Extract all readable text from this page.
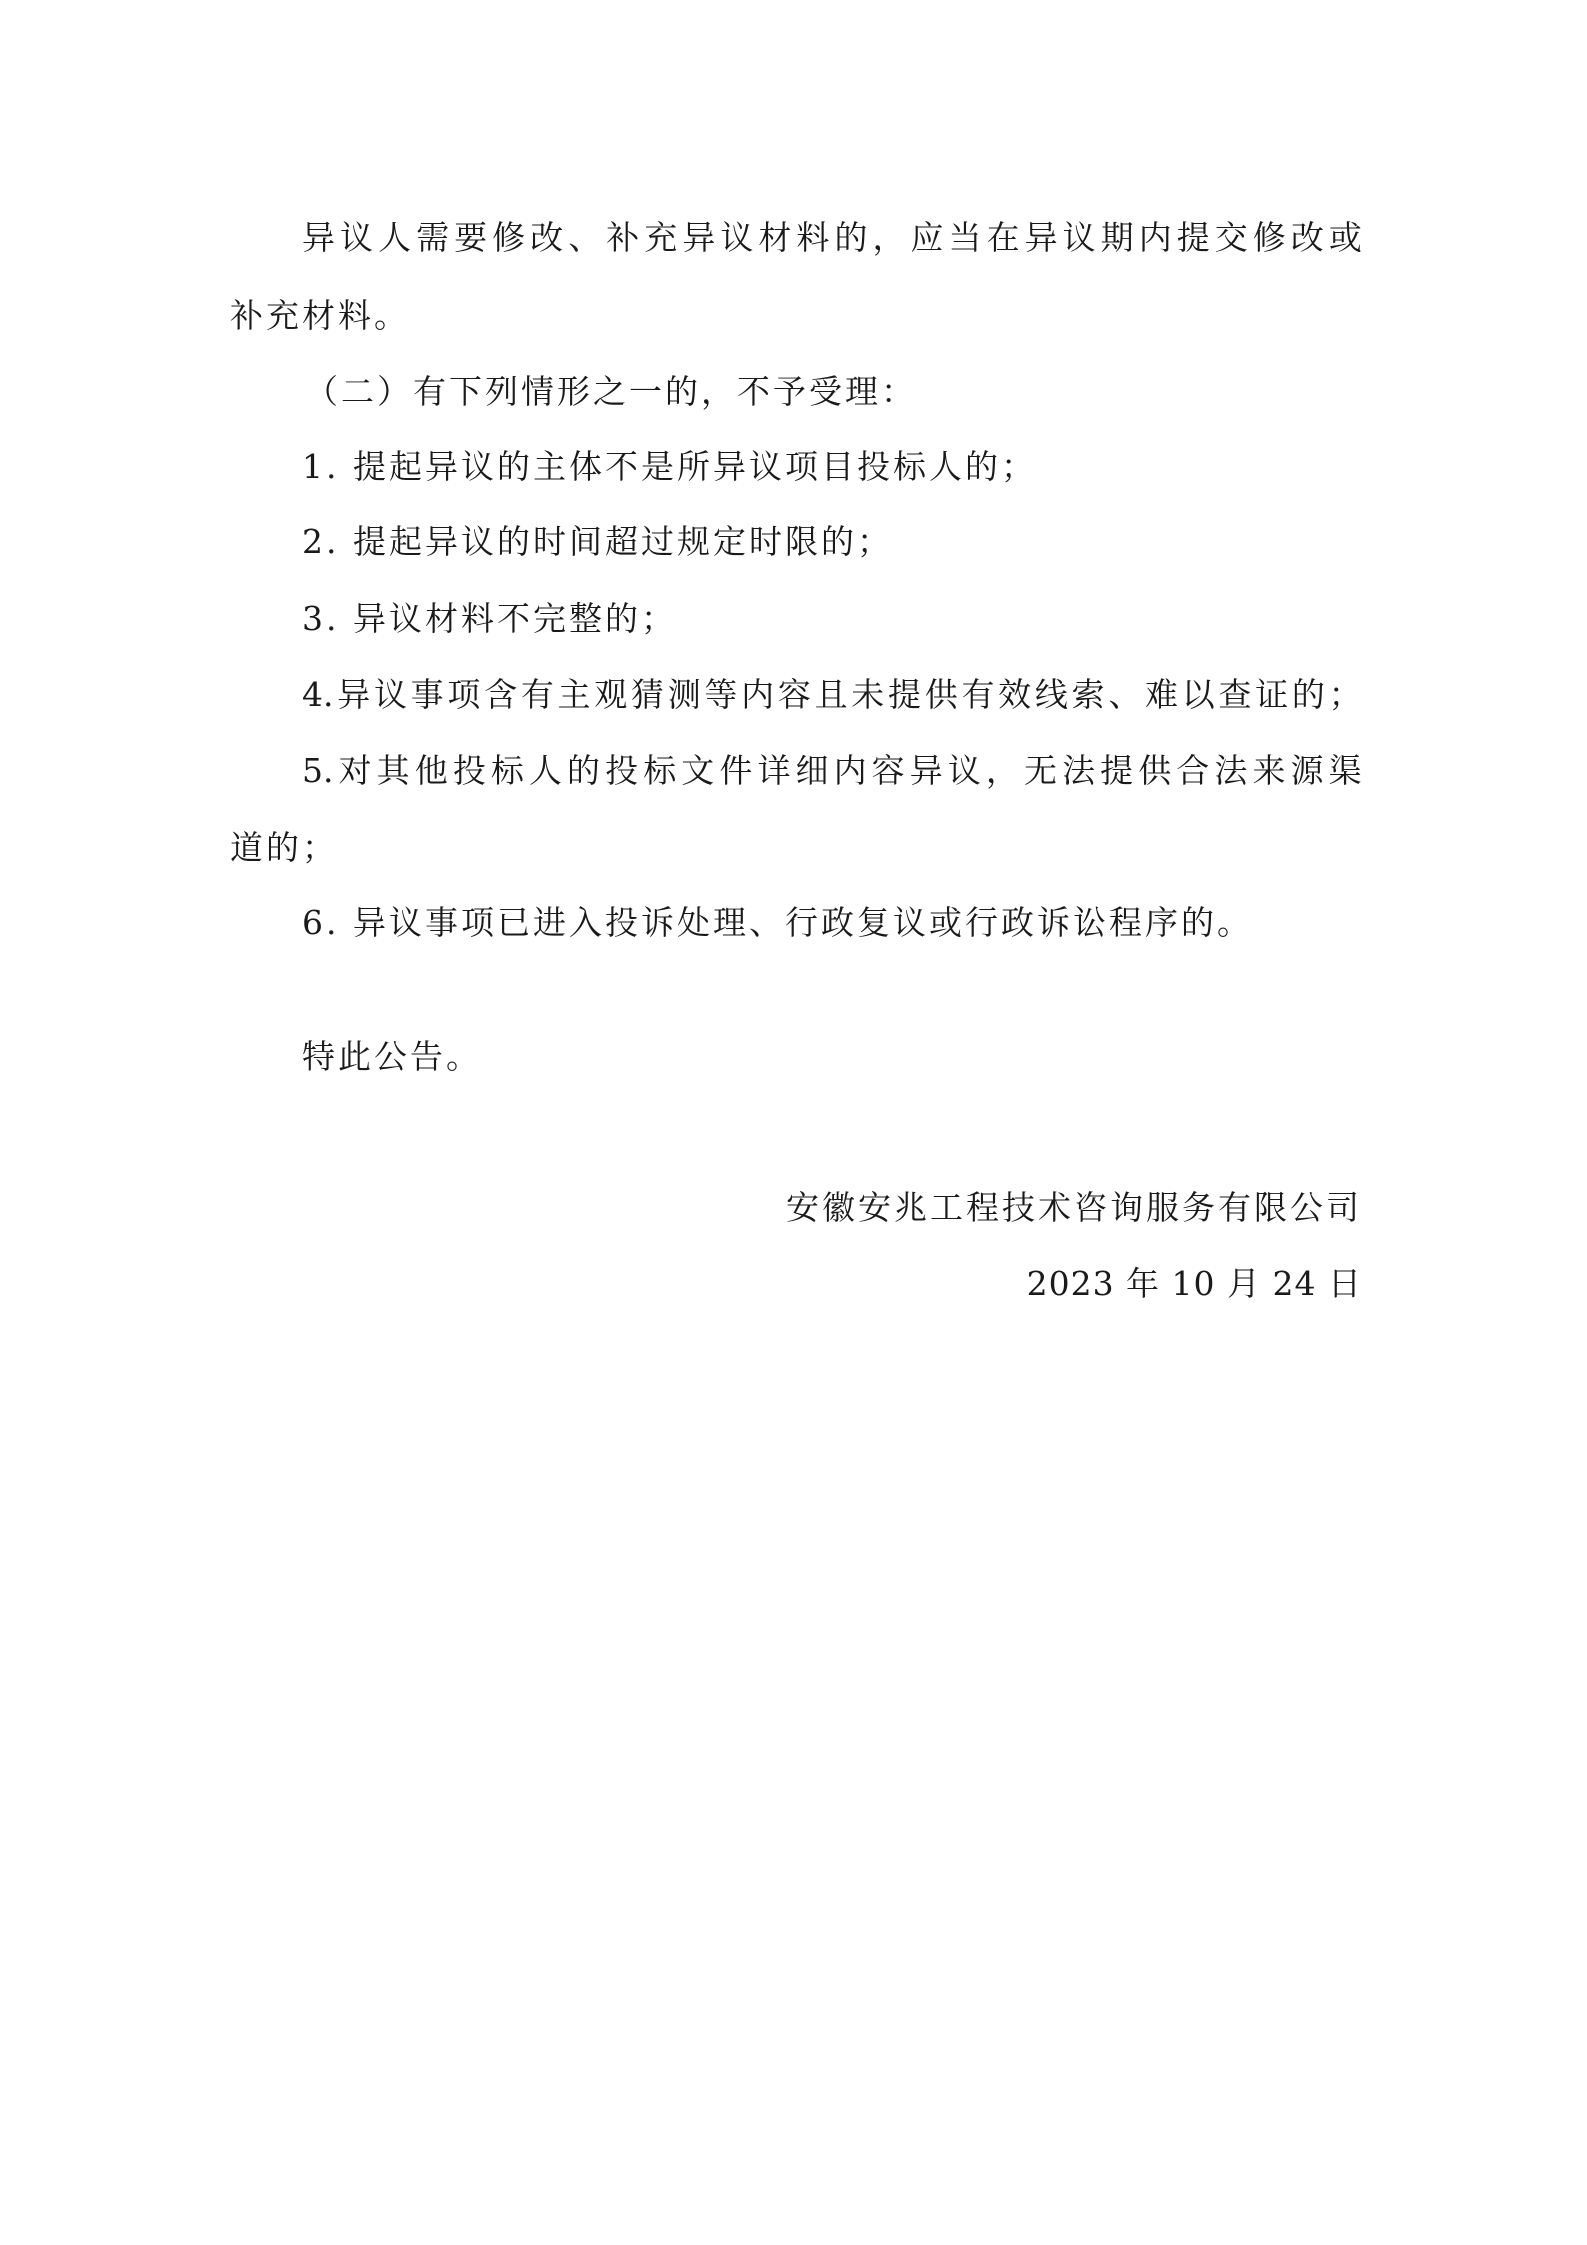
异 议 人 需 要 修 改 、 补 充 异 议 材 料 的 ， 应 当 在 异 议 期 内 提 交 修 改 或
补充材料。
（二）有下列情形之一的，不予受理：
1. 提起异议的主体不是所异议项目投标人的；
2. 提起异议的时间超过规定时限的；
3. 异议材料不完整的；
4. 异 议 事 项 含 有 主 观 猜 测 等 内 容 且 未 提 供 有 效 线 索 、 难 以 查 证 的 ；
5. 对 其 他 投 标 人 的 投 标 文 件 详 细 内 容 异 议 ， 无 法 提 供 合 法 来 源 渠
道的；
6. 异议事项已进入投诉处理、行政复议或行政诉讼程序的。
特此公告。
安徽安兆工程技术咨询服务有限公司
2023 年 10 月 24 日
